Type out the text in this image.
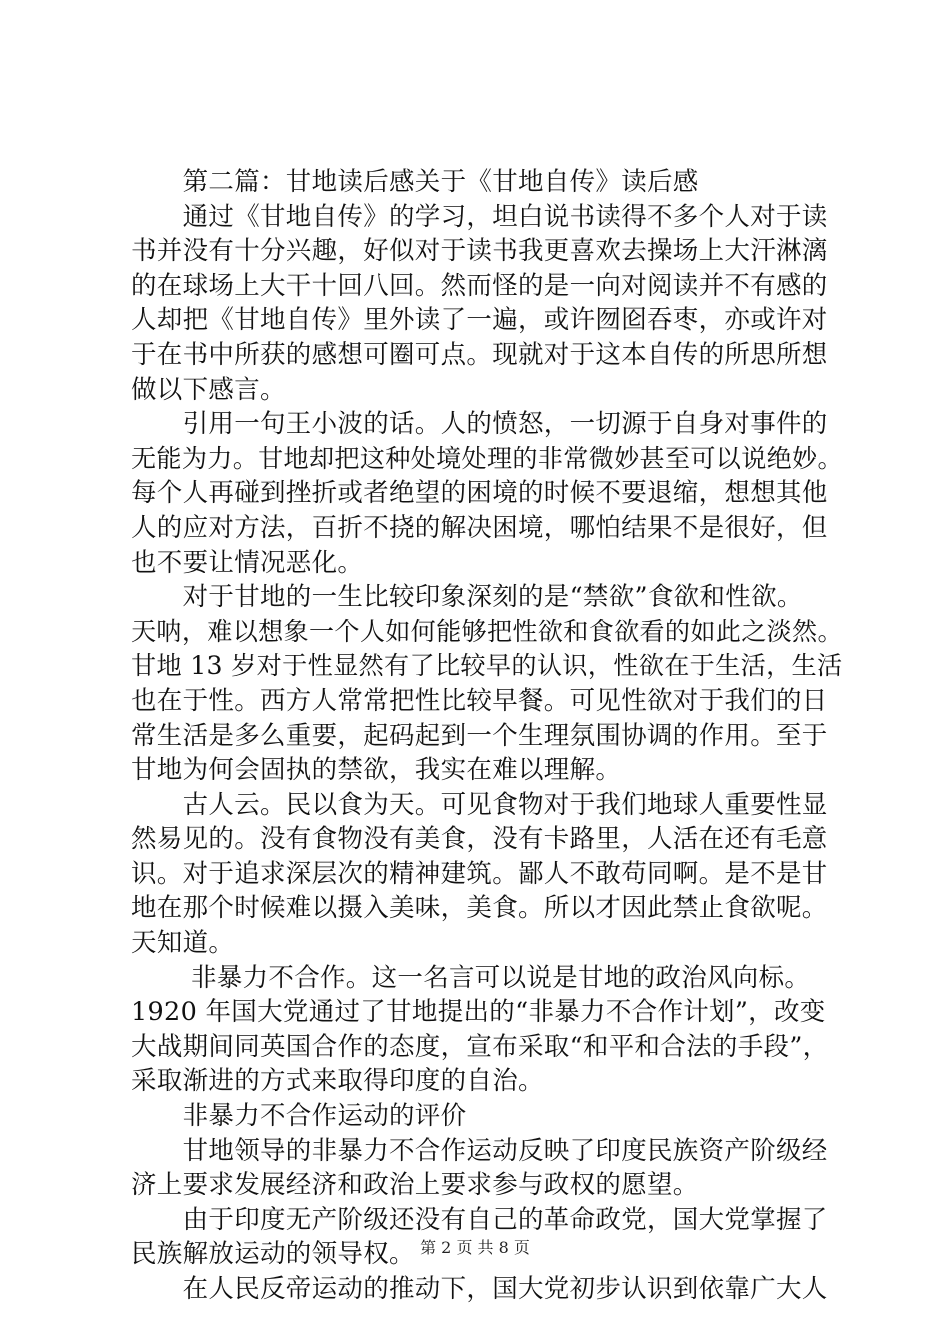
　　第二篇：甘地读后感关于《甘地自传》读后感
　　通过《甘地自传》的学习，坦白说书读得不多个人对于读
书并没有十分兴趣，好似对于读书我更喜欢去操场上大汗淋漓
的在球场上大干十回八回。然而怪的是一向对阅读并不有感的
人却把《甘地自传》里外读了一遍，或许囫囵吞枣，亦或许对
于在书中所获的感想可圈可点。现就对于这本自传的所思所想
做以下感言。
　　引用一句王小波的话。人的愤怒，一切源于自身对事件的
无能为力。甘地却把这种处境处理的非常微妙甚至可以说绝妙。
每个人再碰到挫折或者绝望的困境的时候不要退缩，想想其他
人的应对方法，百折不挠的解决困境，哪怕结果不是很好，但
也不要让情况恶化。
　　对于甘地的一生比较印象深刻的是“禁欲”食欲和性欲。
天呐，难以想象一个人如何能够把性欲和食欲看的如此之淡然。
甘地 13 岁对于性显然有了比较早的认识，性欲在于生活，生活
也在于性。西方人常常把性比较早餐。可见性欲对于我们的日
常生活是多么重要，起码起到一个生理氛围协调的作用。至于
甘地为何会固执的禁欲，我实在难以理解。
　　古人云。民以食为天。可见食物对于我们地球人重要性显
然易见的。没有食物没有美食，没有卡路里，人活在还有毛意
识。对于追求深层次的精神建筑。鄙人不敢苟同啊。是不是甘
地在那个时候难以摄入美味，美食。所以才因此禁止食欲呢。
天知道。
　　 非暴力不合作。这一名言可以说是甘地的政治风向标。
1920 年国大党通过了甘地提出的“非暴力不合作计划”，改变
大战期间同英国合作的态度，宣布采取“和平和合法的手段”，
采取渐进的方式来取得印度的自治。
　　非暴力不合作运动的评价
　　甘地领导的非暴力不合作运动反映了印度民族资产阶级经
济上要求发展经济和政治上要求参与政权的愿望。
　　由于印度无产阶级还没有自己的革命政党，国大党掌握了
民族解放运动的领导权。
　　在人民反帝运动的推动下，国大党初步认识到依靠广大人
第 2 页 共 8 页
